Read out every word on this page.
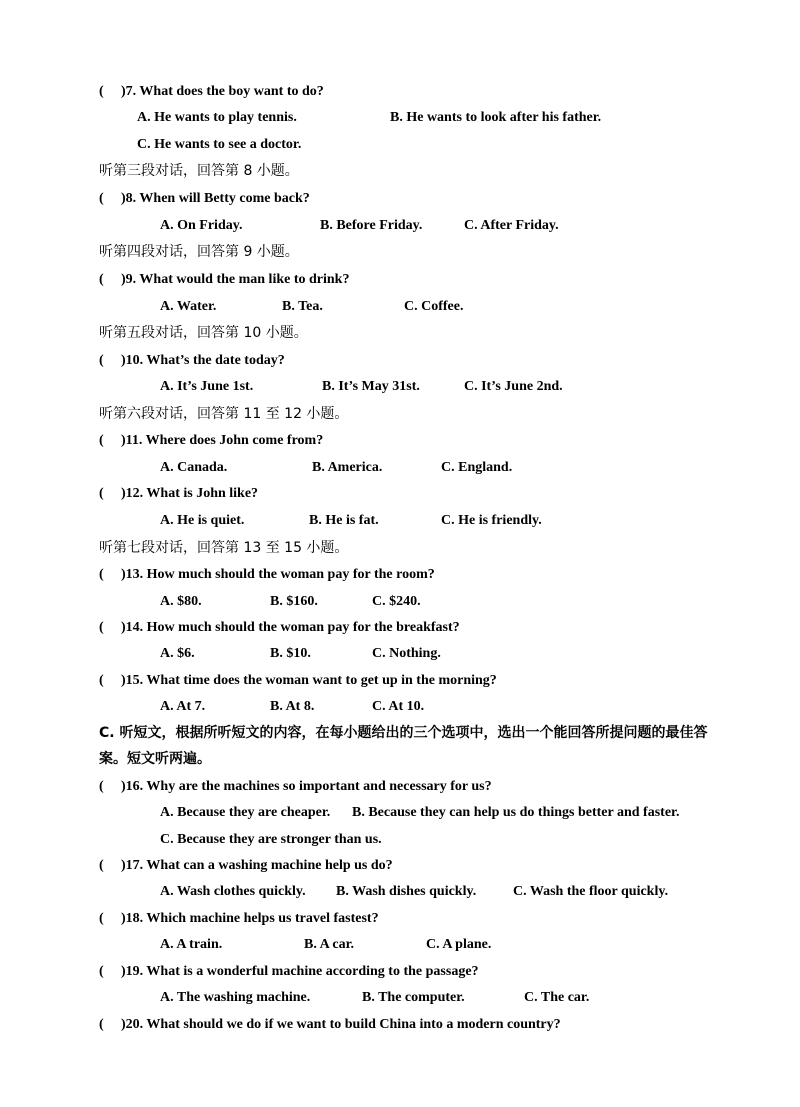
( )7. What does the boy want to do?
A. He wants to play tennis.	B. He wants to look after his father.
C. He wants to see a doctor.
听第三段对话，回答第 8 小题。
( )8. When will Betty come back?
A. On Friday.	B. Before Friday.	C. After Friday.
听第四段对话，回答第 9 小题。
( )9. What would the man like to drink?
A. Water.	B. Tea.	C. Coffee.
听第五段对话，回答第 10 小题。
( )10. What’s the date today?
A. It’s June 1st.	B. It’s May 31st.	C. It’s June 2nd.
听第六段对话，回答第 11 至 12 小题。
( )11. Where does John come from?
A. Canada.	B. America.	C. England.
( )12. What is John like?
A. He is quiet.	B. He is fat.	C. He is friendly.
听第七段对话，回答第 13 至 15 小题。
( )13. How much should the woman pay for the room?
A. $80.	B. $160.	C. $240.
( )14. How much should the woman pay for the breakfast?
A. $6.	B. $10.	C. Nothing.
( )15. What time does the woman want to get up in the morning?
A. At 7.	B. At 8.	C. At 10.
C. 听短文，根据所听短文的内容，在每小题给出的三个选项中，选出一个能回答所提问题的最佳答案。短文听两遍。
( )16. Why are the machines so important and necessary for us?
A. Because they are cheaper. B. Because they can help us do things better and faster.
C. Because they are stronger than us.
( )17. What can a washing machine help us do?
A. Wash clothes quickly. B. Wash dishes quickly.	C. Wash the floor quickly.
( )18. Which machine helps us travel fastest?
A. A train.	B. A car.	C. A plane.
( )19. What is a wonderful machine according to the passage?
A. The washing machine.	B. The computer.	C. The car.
( )20. What should we do if we want to build China into a modern country?
